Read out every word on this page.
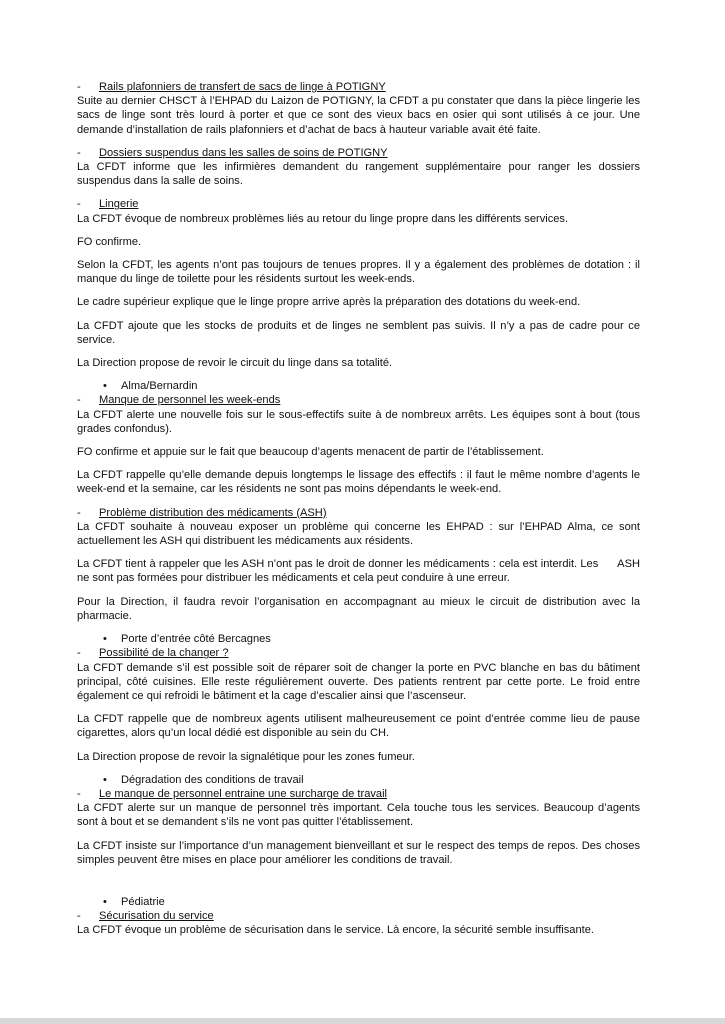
- Rails plafonniers de transfert de sacs de linge à POTIGNY

Suite au dernier CHSCT à l’EHPAD du Laizon de POTIGNY, la CFDT a pu constater que dans la pièce lingerie les sacs de linge sont très lourd à porter et que ce sont des vieux bacs en osier qui sont utilisés à ce jour. Une demande d’installation de rails plafonniers et d’achat de bacs à hauteur variable avait été faite.

- Dossiers suspendus dans les salles de soins de POTIGNY

La CFDT informe que les infirmières demandent du rangement supplémentaire pour ranger les dossiers suspendus dans la salle de soins.

- Lingerie

La CFDT évoque de nombreux problèmes liés au retour du linge propre dans les différents services.

FO confirme.

Selon la CFDT, les agents n’ont pas toujours de tenues propres. Il y a également des problèmes de dotation : il manque du linge de toilette pour les résidents surtout les week-ends.

Le cadre supérieur explique que le linge propre arrive après la préparation des dotations du week-end.

La CFDT ajoute que les stocks de produits et de linges ne semblent pas suivis. Il n’y a pas de cadre pour ce service.

La Direction propose de revoir le circuit du linge dans sa totalité.

• Alma/Bernardin
- Manque de personnel les week-ends

La CFDT alerte une nouvelle fois sur le sous-effectifs suite à de nombreux arrêts. Les équipes sont à bout (tous grades confondus).

FO confirme et appuie sur le fait que beaucoup d’agents menacent de partir de l’établissement.

La CFDT rappelle qu’elle demande depuis longtemps le lissage des effectifs : il faut le même nombre d’agents le week-end et la semaine, car les résidents ne sont pas moins dépendants le week-end.

- Problème distribution des médicaments (ASH)

La CFDT souhaite à nouveau exposer un problème qui concerne les EHPAD : sur l’EHPAD Alma, ce sont actuellement les ASH qui distribuent les médicaments aux résidents.

La CFDT tient à rappeler que les ASH n’ont pas le droit de donner les médicaments : cela est interdit. Les      ASH ne sont pas formées pour distribuer les médicaments et cela peut conduire à une erreur.

Pour la Direction, il faudra revoir l’organisation en accompagnant au mieux le circuit de distribution avec la pharmacie.

• Porte d’entrée côté Bercagnes
- Possibilité de la changer ?

La CFDT demande s’il est possible soit de réparer soit de changer la porte en PVC blanche en bas du bâtiment principal, côté cuisines. Elle reste régulièrement ouverte. Des patients rentrent par cette porte. Le froid entre également ce qui refroidi le bâtiment et la cage d’escalier ainsi que l’ascenseur.

La CFDT rappelle que de nombreux agents utilisent malheureusement ce point d’entrée comme lieu de pause cigarettes, alors qu’un local dédié est disponible au sein du CH.

La Direction propose de revoir la signalétique pour les zones fumeur.

• Dégradation des conditions de travail
- Le manque de personnel entraine une surcharge de travail

La CFDT alerte sur un manque de personnel très important. Cela touche tous les services. Beaucoup d’agents sont à bout et se demandent s’ils ne vont pas quitter l’établissement.

La CFDT insiste sur l’importance d’un management bienveillant et sur le respect des temps de repos. Des choses simples peuvent être mises en place pour améliorer les conditions de travail.

• Pédiatrie
- Sécurisation du service

La CFDT évoque un problème de sécurisation dans le service. Là encore, la sécurité semble insuffisante.
